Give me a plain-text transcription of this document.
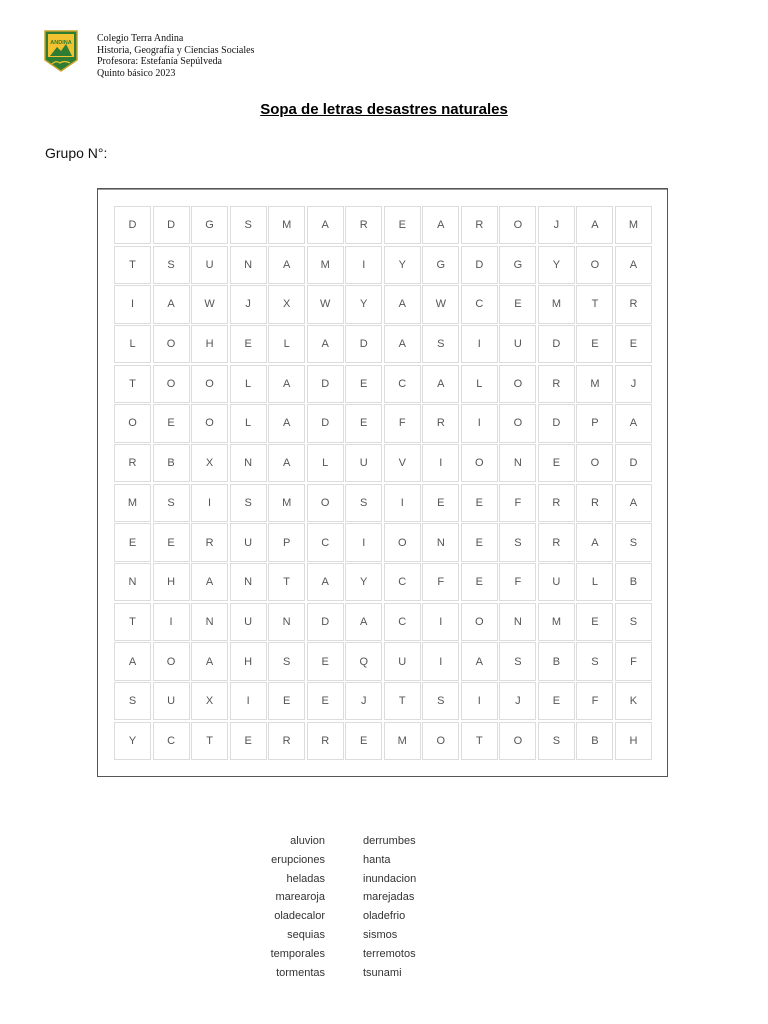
ANDINA	Colegio Terra Andina
Historia, Geografía y Ciencias Sociales
Profesora: Estefanía Sepúlveda
Quinto básico 2023
Sopa de letras desastres naturales
Grupo N°:
D	D	G	S	M	A	R	E	A	R	O	J	A	M
T	S	U	N	A	M	I	Y	G	D	G	Y	O	A
I	A	W	J	X	W	Y	A	W	C	E	M	T	R
L	O	H	E	L	A	D	A	S	I	U	D	E	E
T	O	O	L	A	D	E	C	A	L	O	R	M	J
O	E	O	L	A	D	E	F	R	I	O	D	P	A
R	B	X	N	A	L	U	V	I	O	N	E	O	D
M	S	I	S	M	O	S	I	E	E	F	R	R	A
E	E	R	U	P	C	I	O	N	E	S	R	A	S
N	H	A	N	T	A	Y	C	F	E	F	U	L	B
T	I	N	U	N	D	A	C	I	O	N	M	E	S
A	O	A	H	S	E	Q	U	I	A	S	B	S	F
S	U	X	I	E	E	J	T	S	I	J	E	F	K
Y	C	T	E	R	R	E	M	O	T	O	S	B	H
aluvion
erupciones
heladas
marearoja
oladecalor
sequias
temporales
tormentas
derrumbes
hanta
inundacion
marejadas
oladefrio
sismos
terremotos
tsunami
